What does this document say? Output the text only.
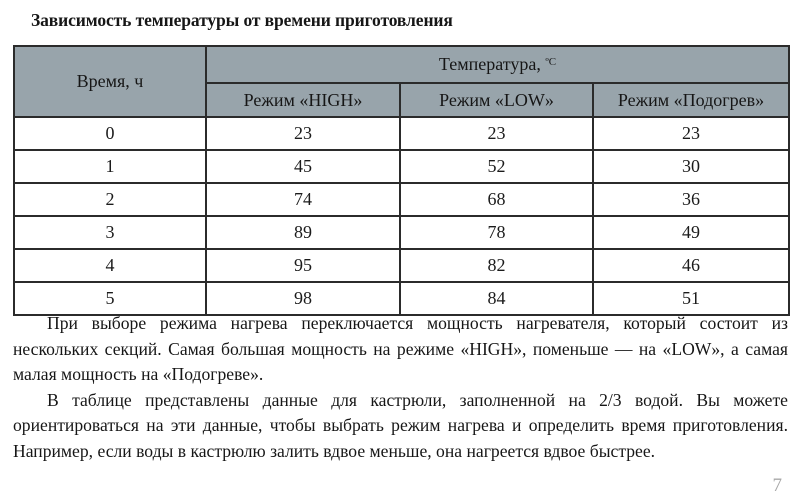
Зависимость температуры от времени приготовления
Время, ч	Температура, $^{ºC}$
	Режим «HIGH»	Режим «LOW»	Режим «Подогрев»
0	23	23	23
1	45	52	30
2	74	68	36
3	89	78	49
4	95	82	46
5	98	84	51

При выборе режима нагрева переключается мощность нагревателя, который состоит из нескольких секций. Самая большая мощность на режиме «HIGH», поменьше — на «LOW», а самая малая мощность на «Подогреве».

В таблице представлены данные для кастрюли, заполненной на 2/3 водой. Вы можете ориентироваться на эти данные, чтобы выбрать режим нагрева и определить время приготовления. Например, если воды в кастрюлю залить вдвое меньше, она нагреется вдвое быстрее.

7
